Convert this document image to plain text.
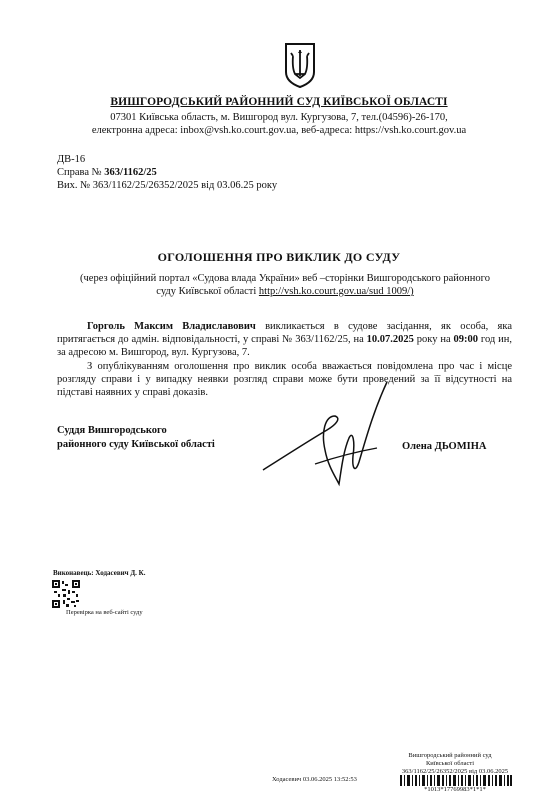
ВИШГОРОДСЬКИЙ РАЙОННИЙ СУД КИЇВСЬКОЇ ОБЛАСТІ
07301 Київська область, м. Вишгород вул. Кургузова, 7, тел.(04596)-26-170,
електронна адреса: inbox@vsh.ko.court.gov.ua, веб-адреса: https://vsh.ko.court.gov.ua
ДВ-16
Справа № 363/1162/25
Вих. № 363/1162/25/26352/2025 від 03.06.25 року
ОГОЛОШЕННЯ ПРО ВИКЛИК ДО СУДУ
(через офіційний портал «Судова влада України» веб –сторінки Вишгородського районного суду Київської області http://vsh.ko.court.gov.ua/sud 1009/)
Горголь Максим Владиславович викликається в судове засідання, як особа, яка притягається до адмін. відповідальності, у справі № 363/1162/25, на 10.07.2025 року на 09:00 год ин, за адресою м. Вишгород, вул. Кургузова, 7.
З опублікуванням оголошення про виклик особа вважається повідомлена про час і місце розгляду справи і у випадку неявки розгляд справи може бути проведений за її відсутності на підставі наявних у справі доказів.
Суддя Вишгородського
районного суду Київської області	Олена ДЬОМІНА
Виконавець: Ходасевич Д. К.
Перевірка на веб-сайті суду
Вишгородський районний суд
Київської області
363/1162/25/26352/2025 від 03.06.2025
*1013*17769983*1*1*
Ходасевич 03.06.2025 13:52:53
